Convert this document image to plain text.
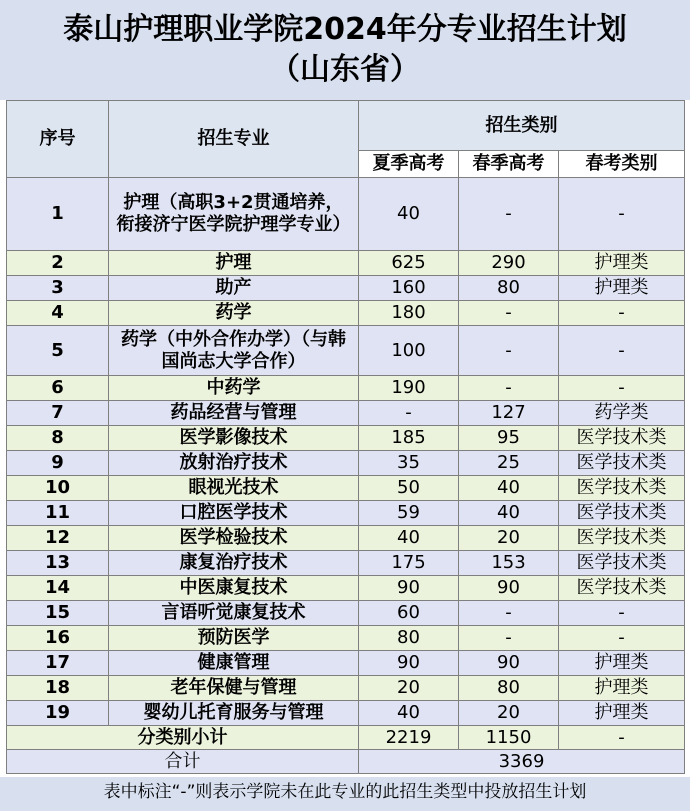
泰山护理职业学院2024年分专业招生计划
（山东省）
序号	招生专业	招生类别		
		夏季高考	春季高考	春考类别
1	护理（高职3+2贯通培养，衔接济宁医学院护理学专业）	40	-	-
2	护理	625	290	护理类
3	助产	160	80	护理类
4	药学	180	-	-
5	药学（中外合作办学）（与韩国尚志大学合作）	100	-	-
6	中药学	190	-	-
7	药品经营与管理	-	127	药学类
8	医学影像技术	185	95	医学技术类
9	放射治疗技术	35	25	医学技术类
10	眼视光技术	50	40	医学技术类
11	口腔医学技术	59	40	医学技术类
12	医学检验技术	40	20	医学技术类
13	康复治疗技术	175	153	医学技术类
14	中医康复技术	90	90	医学技术类
15	言语听觉康复技术	60	-	-
16	预防医学	80	-	-
17	健康管理	90	90	护理类
18	老年保健与管理	20	80	护理类
19	婴幼儿托育服务与管理	40	20	护理类
分类别小计		2219	1150	-
合计		3369		
表中标注“-”则表示学院未在此专业的此招生类型中投放招生计划
